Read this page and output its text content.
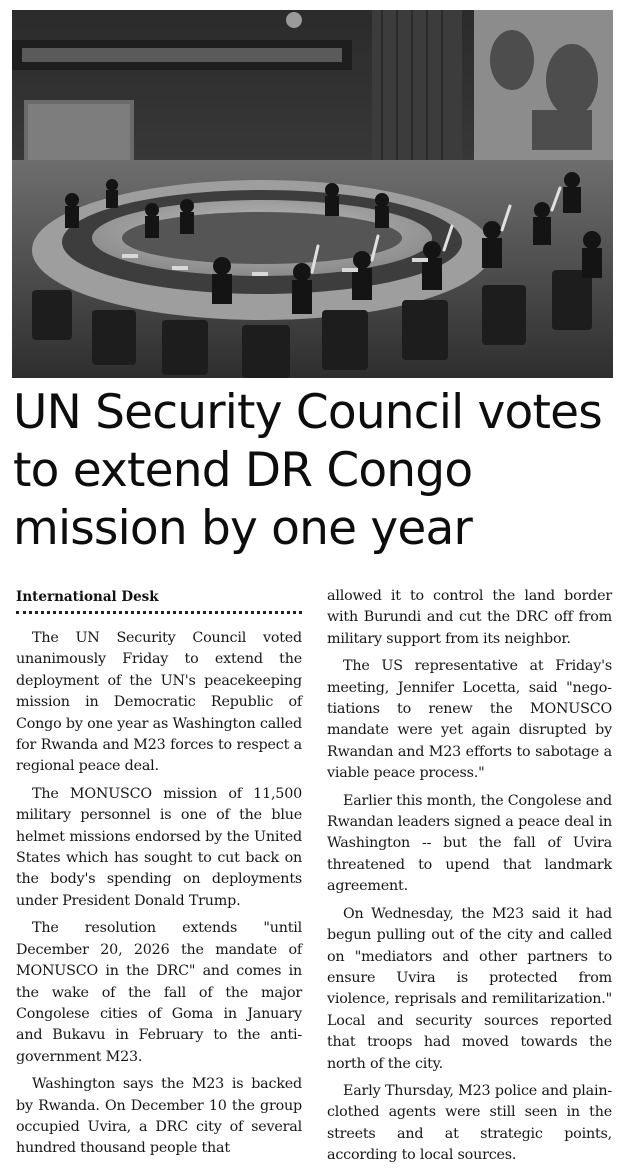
UN Security Council votes
to extend DR Congo
mission by one year
International Desk

The UN Security Council voted unanimously Friday to extend the deployment of the UN's peacekeeping mission in Democratic Republic of Congo by one year as Washington called for Rwanda and M23 forces to respect a regional peace deal.

The MONUSCO mission of 11,500 military personnel is one of the blue helmet missions endorsed by the United States which has sought to cut back on the body's spending on deployments under President Donald Trump.

The resolution extends "until December 20, 2026 the mandate of MONUSCO in the DRC" and comes in the wake of the fall of the major Congolese cities of Goma in January and Bukavu in February to the anti-government M23.

Washington says the M23 is backed by Rwanda. On December 10 the group occupied Uvira, a DRC city of several hundred thousand people that

allowed it to control the land border with Burundi and cut the DRC off from military support from its neighbor.

The US representative at Friday's meeting, Jennifer Locetta, said "negotiations to renew the MONUSCO mandate were yet again disrupted by Rwandan and M23 efforts to sabotage a viable peace process."

Earlier this month, the Congolese and Rwandan leaders signed a peace deal in Washington -- but the fall of Uvira threatened to upend that landmark agreement.

On Wednesday, the M23 said it had begun pulling out of the city and called on "mediators and other partners to ensure Uvira is protected from violence, reprisals and remilitarization." Local and security sources reported that troops had moved towards the north of the city.

Early Thursday, M23 police and plain-clothed agents were still seen in the streets and at strategic points, according to local sources.
